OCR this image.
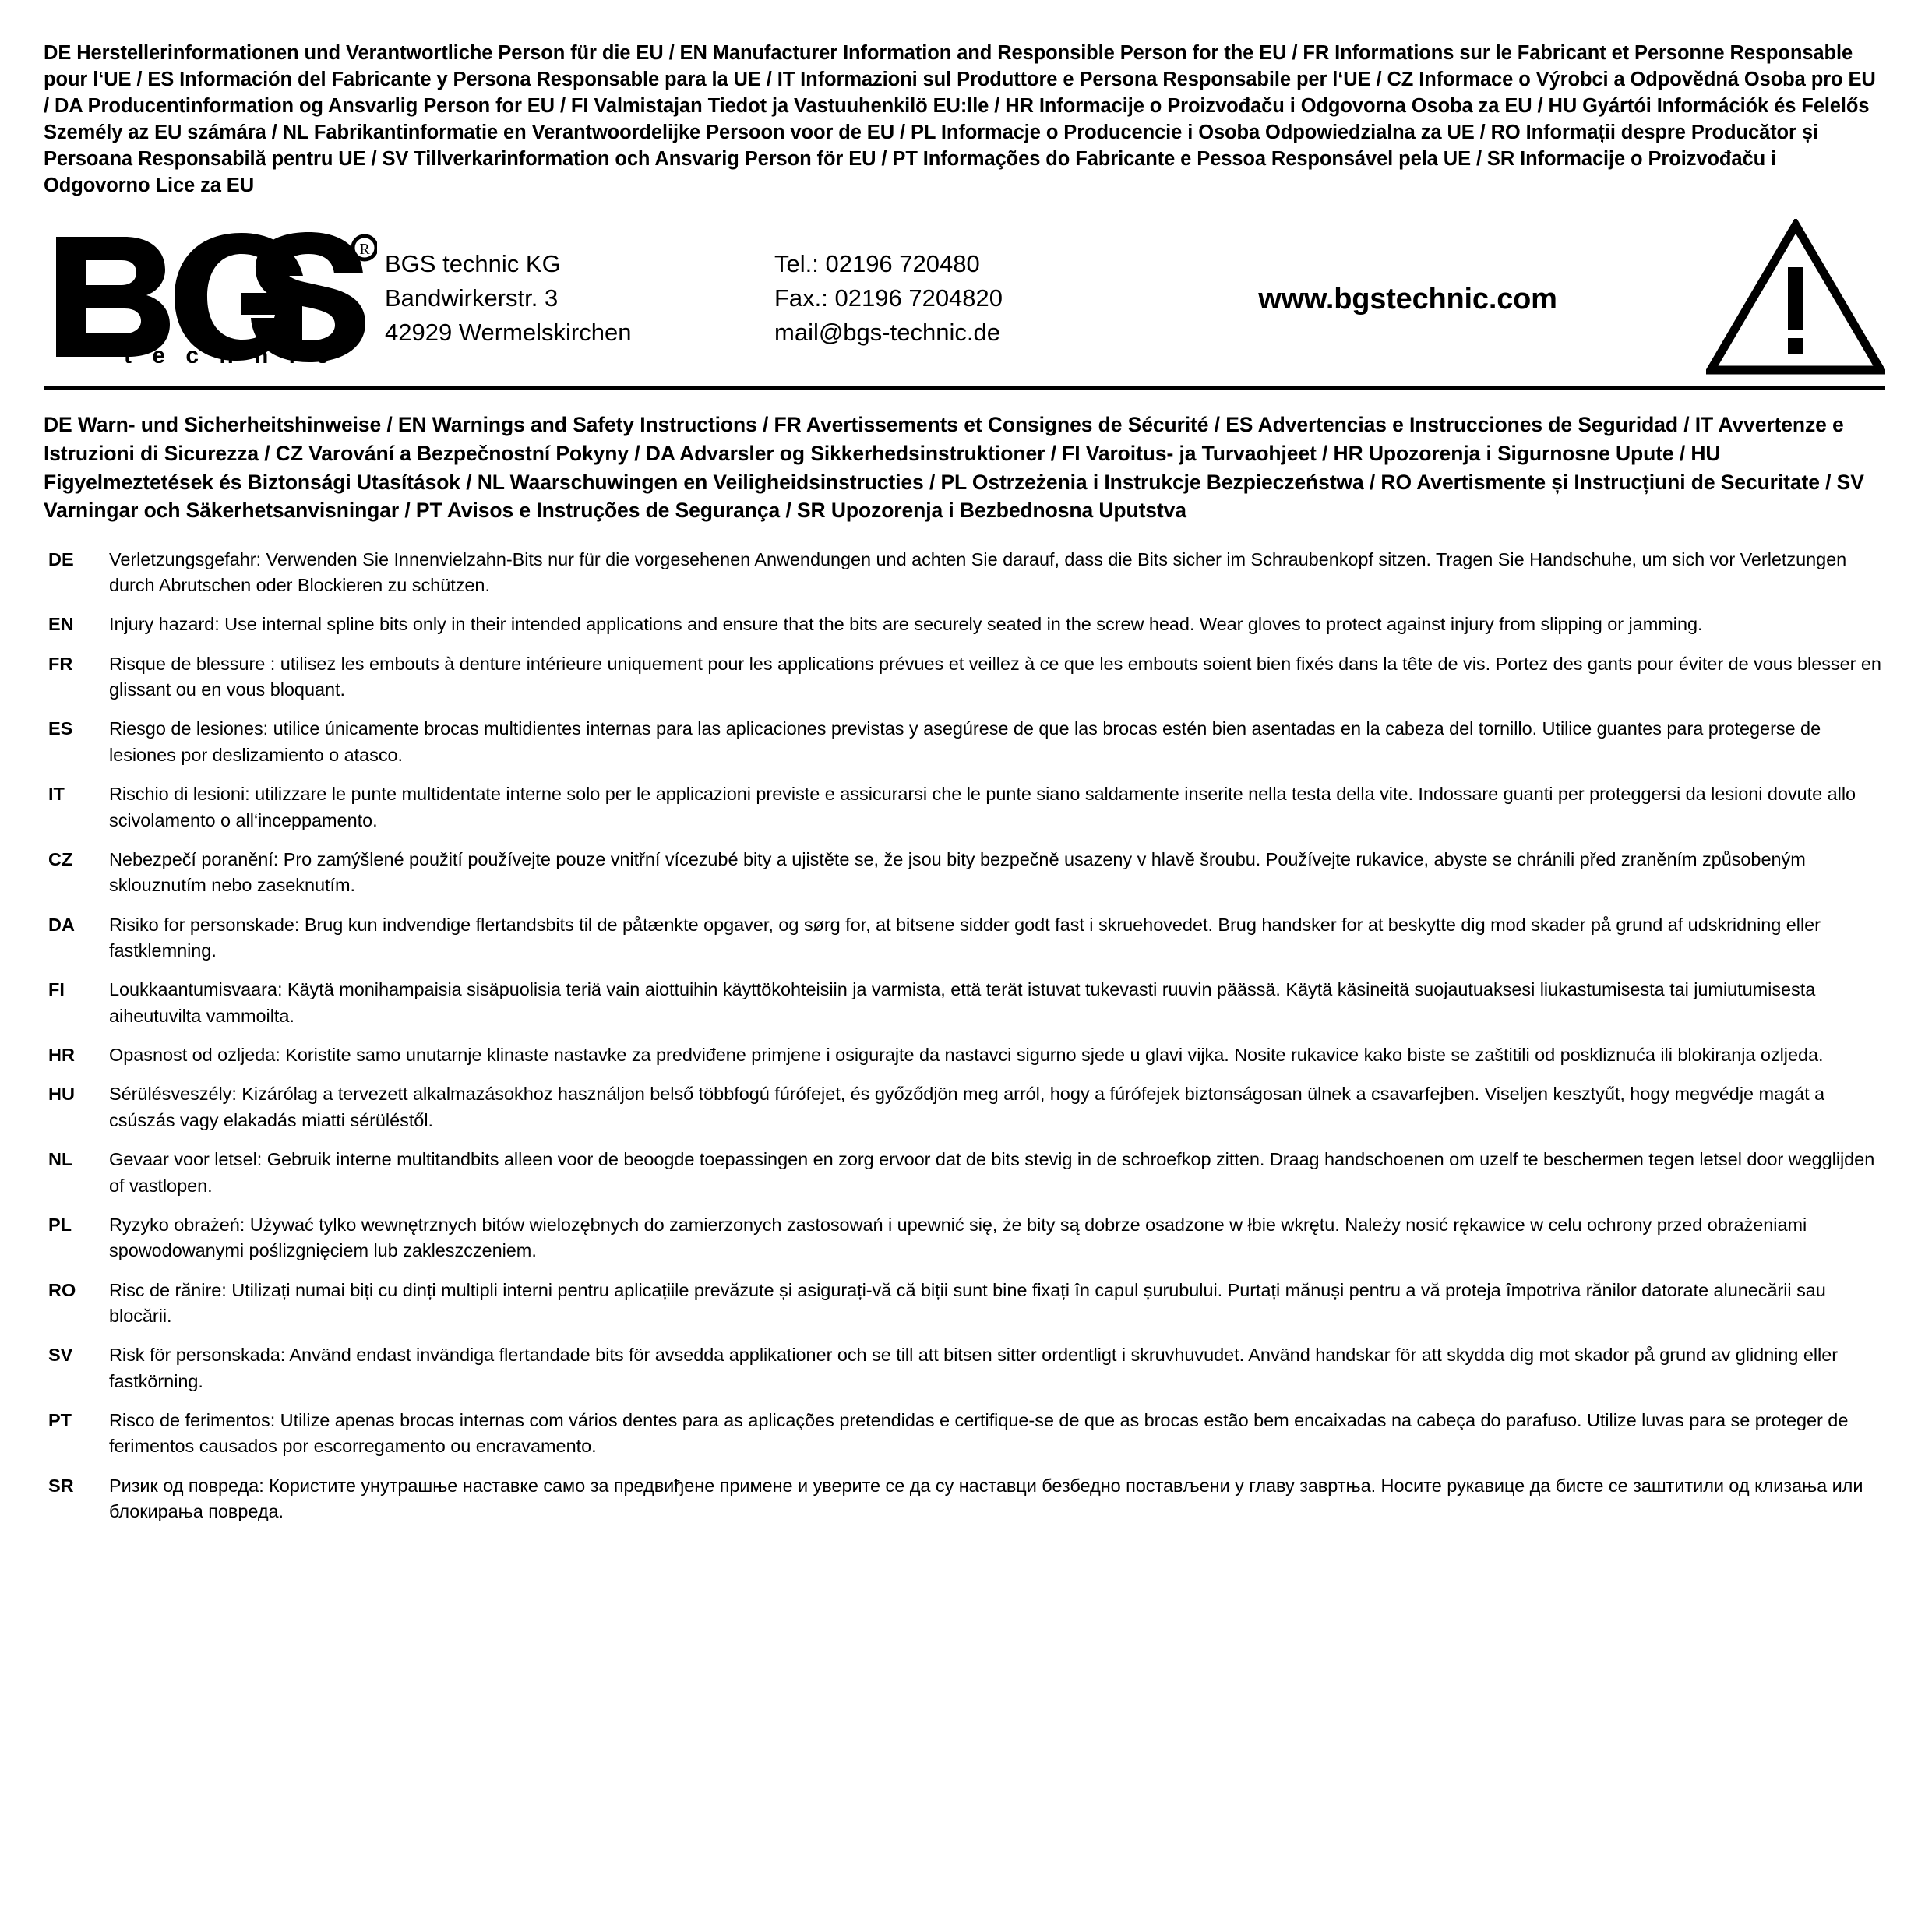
DE Herstellerinformationen und Verantwortliche Person für die EU / EN Manufacturer Information and Responsible Person for the EU / FR Informations sur le Fabricant et Personne Responsable pour l‘UE / ES Información del Fabricante y Persona Responsable para la UE / IT Informazioni sul Produttore e Persona Responsabile per l‘UE / CZ Informace o Výrobci a Odpovědná Osoba pro EU / DA Producentinformation og Ansvarlig Person for EU / FI Valmistajan Tiedot ja Vastuuhenkilö EU:lle / HR Informacije o Proizvođaču i Odgovorna Osoba za EU / HU Gyártói Információk és Felelős Személy az EU számára / NL Fabrikantinformatie en Verantwoordelijke Persoon voor de EU / PL Informacje o Producencie i Osoba Odpowiedzialna za UE / RO Informații despre Producător și Persoana Responsabilă pentru UE / SV Tillverkarinformation och Ansvarig Person för EU / PT Informações do Fabricante e Pessoa Responsável pela UE / SR Informacije o Proizvođaču i Odgovorno Lice za EU
R
t e c h n i c
BGS technic KG
Bandwirkerstr. 3
42929 Wermelskirchen
Tel.: 02196 720480
Fax.: 02196 7204820
mail@bgs-technic.de
www.bgstechnic.com
DE Warn- und Sicherheitshinweise / EN Warnings and Safety Instructions / FR Avertissements et Consignes de Sécurité / ES Advertencias e Instrucciones de Seguridad / IT Avvertenze e Istruzioni di Sicurezza / CZ Varování a Bezpečnostní Pokyny / DA Advarsler og Sikkerhedsinstruktioner / FI Varoitus- ja Turvaohjeet / HR Upozorenja i Sigurnosne Upute / HU Figyelmeztetések és Biztonsági Utasítások / NL Waarschuwingen en Veiligheidsinstructies / PL Ostrzeżenia i Instrukcje Bezpieczeństwa / RO Avertismente și Instrucțiuni de Securitate / SV Varningar och Säkerhetsanvisningar / PT Avisos e Instruções de Segurança / SR Upozorenja i Bezbednosna Uputstva
DE	Verletzungsgefahr: Verwenden Sie Innenvielzahn-Bits nur für die vorgesehenen Anwendungen und achten Sie darauf, dass die Bits sicher im Schraubenkopf sitzen. Tragen Sie Handschuhe, um sich vor Verletzungen durch Abrutschen oder Blockieren zu schützen.
EN	Injury hazard: Use internal spline bits only in their intended applications and ensure that the bits are securely seated in the screw head. Wear gloves to protect against injury from slipping or jamming.
FR	Risque de blessure : utilisez les embouts à denture intérieure uniquement pour les applications prévues et veillez à ce que les embouts soient bien fixés dans la tête de vis. Portez des gants pour éviter de vous blesser en glissant ou en vous bloquant.
ES	Riesgo de lesiones: utilice únicamente brocas multidientes internas para las aplicaciones previstas y asegúrese de que las brocas estén bien asentadas en la cabeza del tornillo. Utilice guantes para protegerse de lesiones por deslizamiento o atasco.
IT	Rischio di lesioni: utilizzare le punte multidentate interne solo per le applicazioni previste e assicurarsi che le punte siano saldamente inserite nella testa della vite. Indossare guanti per proteggersi da lesioni dovute allo scivolamento o all‘inceppamento.
CZ	Nebezpečí poranění: Pro zamýšlené použití používejte pouze vnitřní vícezubé bity a ujistěte se, že jsou bity bezpečně usazeny v hlavě šroubu. Používejte rukavice, abyste se chránili před zraněním způsobeným sklouznutím nebo zaseknutím.
DA	Risiko for personskade: Brug kun indvendige flertandsbits til de påtænkte opgaver, og sørg for, at bitsene sidder godt fast i skruehovedet. Brug handsker for at beskytte dig mod skader på grund af udskridning eller fastklemning.
FI	Loukkaantumisvaara: Käytä monihampaisia sisäpuolisia teriä vain aiottuihin käyttökohteisiin ja varmista, että terät istuvat tukevasti ruuvin päässä. Käytä käsineitä suojautuaksesi liukastumisesta tai jumiutumisesta aiheutuvilta vammoilta.
HR	Opasnost od ozljeda: Koristite samo unutarnje klinaste nastavke za predviđene primjene i osigurajte da nastavci sigurno sjede u glavi vijka. Nosite rukavice kako biste se zaštitili od poskliznuća ili blokiranja ozljeda.
HU	Sérülésveszély: Kizárólag a tervezett alkalmazásokhoz használjon belső többfogú fúrófejet, és győződjön meg arról, hogy a fúrófejek biztonságosan ülnek a csavarfejben. Viseljen kesztyűt, hogy megvédje magát a csúszás vagy elakadás miatti sérüléstől.
NL	Gevaar voor letsel: Gebruik interne multitandbits alleen voor de beoogde toepassingen en zorg ervoor dat de bits stevig in de schroefkop zitten. Draag handschoenen om uzelf te beschermen tegen letsel door wegglijden of vastlopen.
PL	Ryzyko obrażeń: Używać tylko wewnętrznych bitów wielozębnych do zamierzonych zastosowań i upewnić się, że bity są dobrze osadzone w łbie wkrętu. Należy nosić rękawice w celu ochrony przed obrażeniami spowodowanymi poślizgnięciem lub zakleszczeniem.
RO	Risc de rănire: Utilizați numai biți cu dinți multipli interni pentru aplicațiile prevăzute și asigurați-vă că biții sunt bine fixați în capul șurubului. Purtați mănuși pentru a vă proteja împotriva rănilor datorate alunecării sau blocării.
SV	Risk för personskada: Använd endast invändiga flertandade bits för avsedda applikationer och se till att bitsen sitter ordentligt i skruvhuvudet. Använd handskar för att skydda dig mot skador på grund av glidning eller fastkörning.
PT	Risco de ferimentos: Utilize apenas brocas internas com vários dentes para as aplicações pretendidas e certifique-se de que as brocas estão bem encaixadas na cabeça do parafuso. Utilize luvas para se proteger de ferimentos causados por escorregamento ou encravamento.
SR	Ризик од повреда: Користите унутрашње наставке само за предвиђене примене и уверите се да су наставци безбедно постављени у главу завртња. Носите рукавице да бисте се заштитили од клизања или блокирања повреда.
